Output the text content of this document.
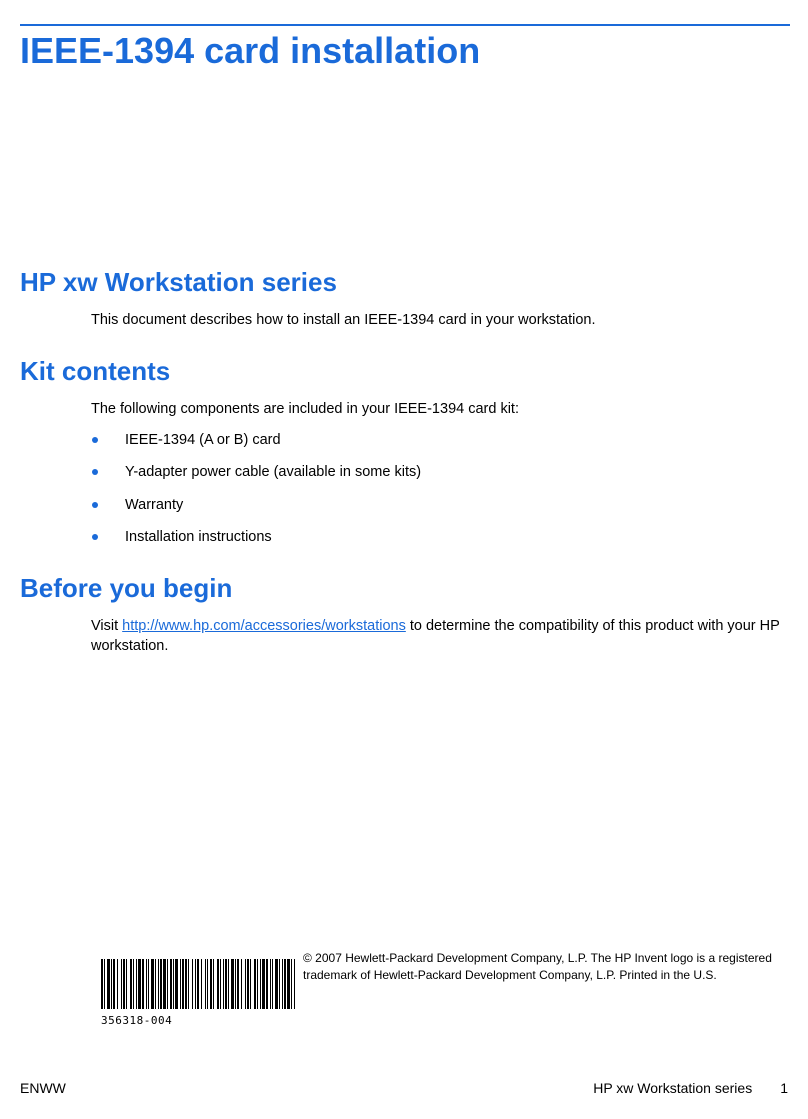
IEEE-1394 card installation
HP xw Workstation series

This document describes how to install an IEEE-1394 card in your workstation.

Kit contents

The following components are included in your IEEE-1394 card kit:

IEEE-1394 (A or B) card
Y-adapter power cable (available in some kits)
Warranty
Installation instructions
Before you begin

Visit http://www.hp.com/accessories/workstations to determine the compatibility of this product with your HP workstation.

356318-004

© 2007 Hewlett-Packard Development Company, L.P. The HP Invent logo is a registered trademark of Hewlett-Packard Development Company, L.P. Printed in the U.S.

ENWW	HP xw Workstation series 1
